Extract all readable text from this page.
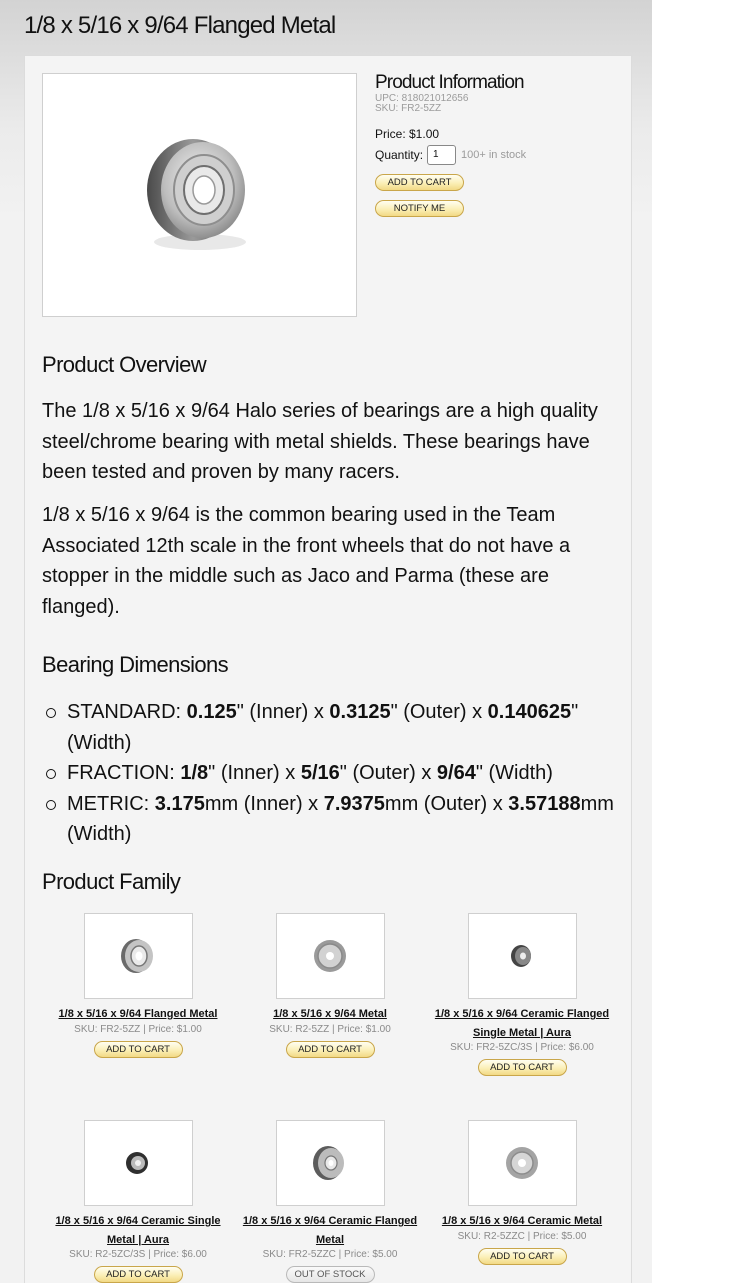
1/8 x 5/16 x 9/64 Flanged Metal
Product Information
UPC: 818021012656
SKU: FR2-5ZZ
Price: $1.00
Quantity:	1	100+ in stock
ADD TO CART
NOTIFY ME
Product Overview

The 1/8 x 5/16 x 9/64 Halo series of bearings are a high quality steel/chrome bearing with metal shields. These bearings have been tested and proven by many racers.

1/8 x 5/16 x 9/64 is the common bearing used in the Team Associated 12th scale in the front wheels that do not have a stopper in the middle such as Jaco and Parma (these are flanged).

Bearing Dimensions
STANDARD: 0.125" (Inner) x 0.3125" (Outer) x 0.140625" (Width)
FRACTION: 1/8" (Inner) x 5/16" (Outer) x 9/64" (Width)
METRIC: 3.175mm (Inner) x 7.9375mm (Outer) x 3.57188mm (Width)
Product Family
1/8 x 5/16 x 9/64 Flanged Metal
SKU: FR2-5ZZ | Price: $1.00
ADD TO CART
1/8 x 5/16 x 9/64 Metal
SKU: R2-5ZZ | Price: $1.00
ADD TO CART
1/8 x 5/16 x 9/64 Ceramic Flanged Single Metal | Aura
SKU: FR2-5ZC/3S | Price: $6.00
ADD TO CART
1/8 x 5/16 x 9/64 Ceramic Single Metal | Aura
SKU: R2-5ZC/3S | Price: $6.00
ADD TO CART
1/8 x 5/16 x 9/64 Ceramic Flanged Metal
SKU: FR2-5ZZC | Price: $5.00
OUT OF STOCK
1/8 x 5/16 x 9/64 Ceramic Metal
SKU: R2-5ZZC | Price: $5.00
ADD TO CART
